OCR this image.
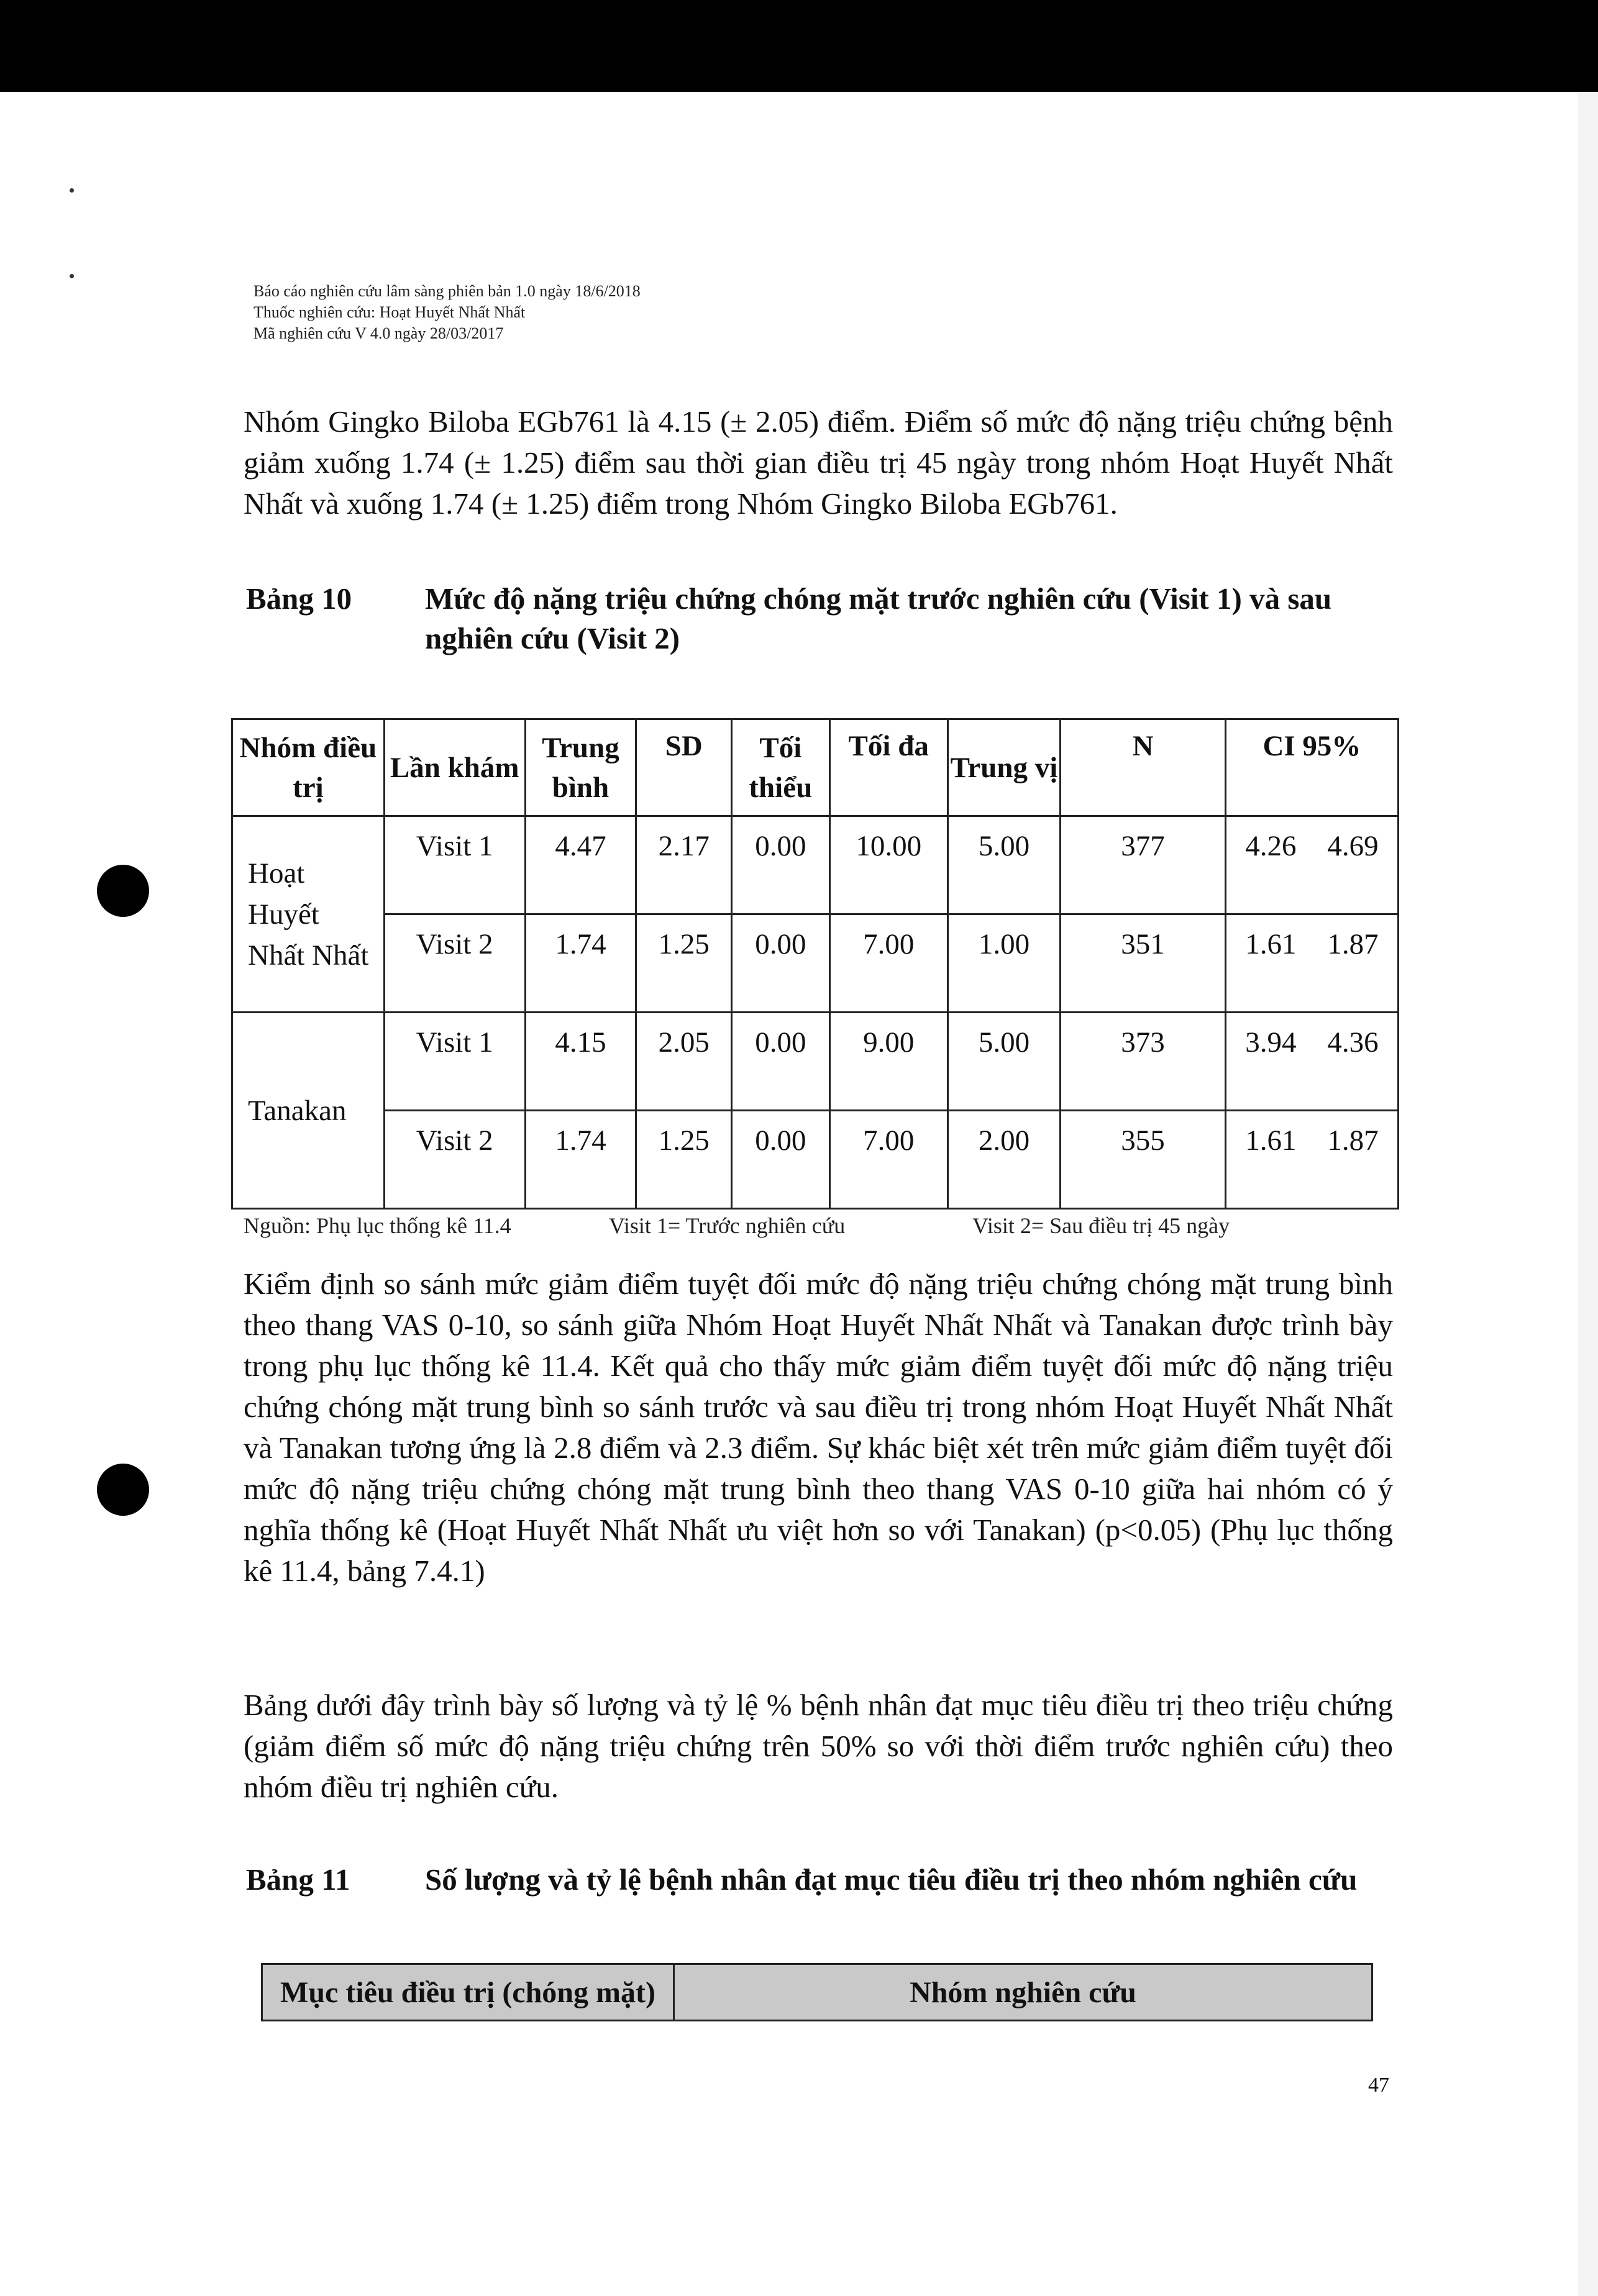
Báo cáo nghiên cứu lâm sàng phiên bản 1.0 ngày 18/6/2018
Thuốc nghiên cứu: Hoạt Huyết Nhất Nhất
Mã nghiên cứu V 4.0 ngày 28/03/2017

Nhóm Gingko Biloba EGb761 là 4.15 (± 2.05) điểm. Điểm số mức độ nặng triệu chứng bệnh giảm xuống 1.74 (± 1.25) điểm sau thời gian điều trị 45 ngày trong nhóm Hoạt Huyết Nhất Nhất và xuống 1.74 (± 1.25) điểm trong Nhóm Gingko Biloba EGb761.

Bảng 10	Mức độ nặng triệu chứng chóng mặt trước nghiên cứu (Visit 1) và sau nghiên cứu (Visit 2)
Nhóm điều trị	Lần khám	Trung bình	SD	Tối thiểu	Tối đa	Trung vị	N	CI 95%
Hoạt Huyết Nhất Nhất	Visit 1	4.47	2.17	0.00	10.00	5.00	377	4.26 4.69
	Visit 2	1.74	1.25	0.00	7.00	1.00	351	1.61 1.87
Tanakan	Visit 1	4.15	2.05	0.00	9.00	5.00	373	3.94 4.36
	Visit 2	1.74	1.25	0.00	7.00	2.00	355	1.61 1.87
Nguồn: Phụ lục thống kê 11.4	Visit 1= Trước nghiên cứu	Visit 2= Sau điều trị 45 ngày

Kiểm định so sánh mức giảm điểm tuyệt đối mức độ nặng triệu chứng chóng mặt trung bình theo thang VAS 0-10, so sánh giữa Nhóm Hoạt Huyết Nhất Nhất và Tanakan được trình bày trong phụ lục thống kê 11.4. Kết quả cho thấy mức giảm điểm tuyệt đối mức độ nặng triệu chứng chóng mặt trung bình so sánh trước và sau điều trị trong nhóm Hoạt Huyết Nhất Nhất và Tanakan tương ứng là 2.8 điểm và 2.3 điểm. Sự khác biệt xét trên mức giảm điểm tuyệt đối mức độ nặng triệu chứng chóng mặt trung bình theo thang VAS 0-10 giữa hai nhóm có ý nghĩa thống kê (Hoạt Huyết Nhất Nhất ưu việt hơn so với Tanakan) (p<0.05) (Phụ lục thống kê 11.4, bảng 7.4.1)

Bảng dưới đây trình bày số lượng và tỷ lệ % bệnh nhân đạt mục tiêu điều trị theo triệu chứng (giảm điểm số mức độ nặng triệu chứng trên 50% so với thời điểm trước nghiên cứu) theo nhóm điều trị nghiên cứu.

Bảng 11	Số lượng và tỷ lệ bệnh nhân đạt mục tiêu điều trị theo nhóm nghiên cứu
Mục tiêu điều trị (chóng mặt)	Nhóm nghiên cứu
47
